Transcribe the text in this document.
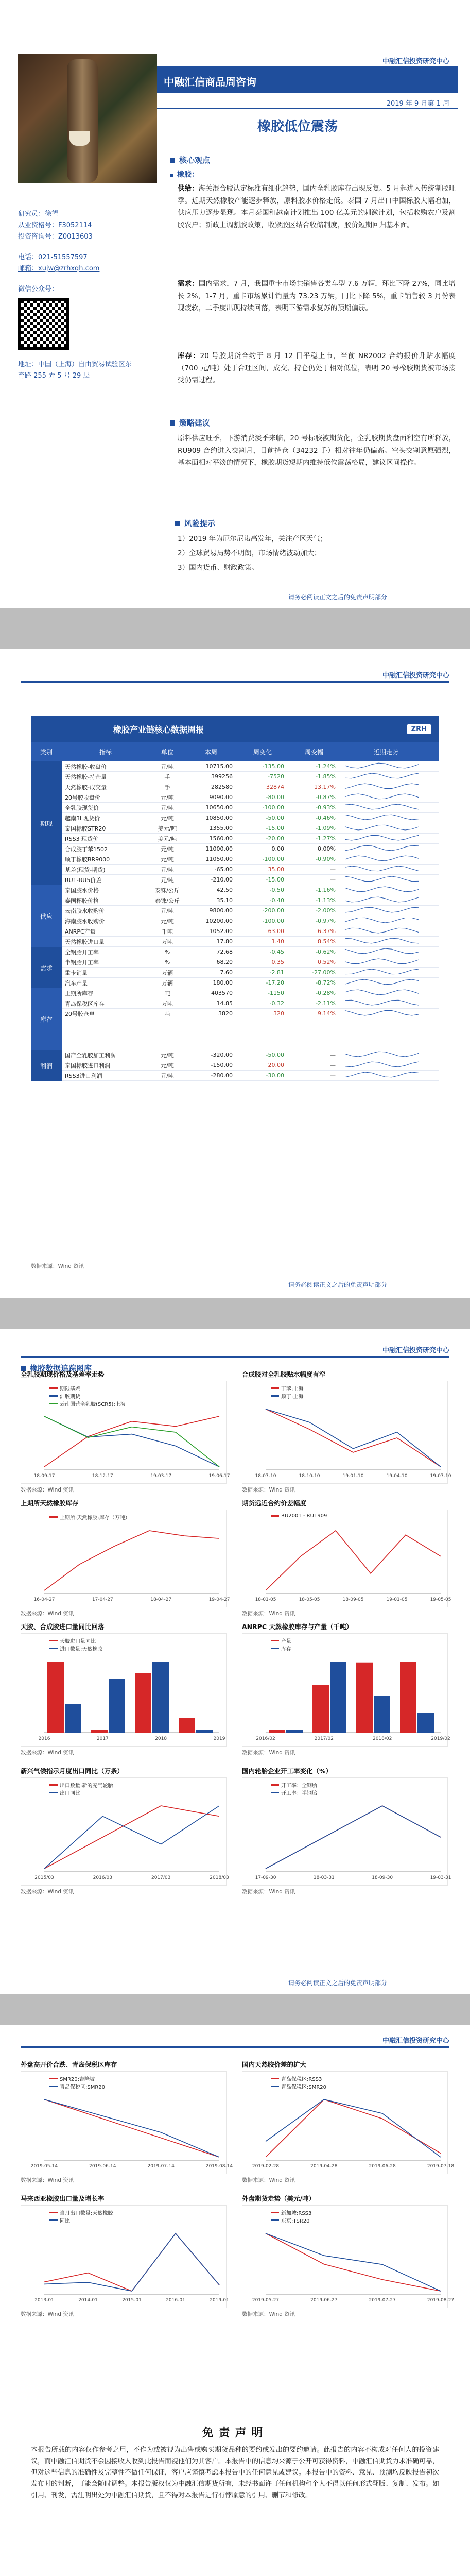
中融汇信投资研究中心
研究员：徐望
从业资格号：F3052114
投资咨询号：Z0013603
电话：021-51557597
邮箱：xujw@zrhxqh.com
微信公众号：
地址：中国（上海）自由贸易试验区东育路 255 弄 5 号 29 层
中融汇信商品周咨询
2019 年 9 月第 1 周
橡胶低位震荡
核心观点
橡胶：
供给：海关混合胶认定标准有细化趋势，国内全乳胶库存出现反复。5 月起进入传统割胶旺季。近期天然橡胶产能逐步释放，原料胶水价格走低。泰国 7 月出口中国标胶大幅增加，供应压力逐步显现。本月泰国和越南计划推出 100 亿美元的刺激计划，包括收购农户及割胶农户；新政上调割胶政策，收紧胶区结合收储制度，胶价短期回归基本面。
需求：国内需求，7 月，我国重卡市场共销售各类车型 7.6 万辆，环比下降 27%，同比增长 2%，1-7 月，重卡市场累计销量为 73.23 万辆，同比下降 5%，重卡销售较 3 月份表现疲软，二季度出现持续回落，表明下游需求复苏的预期偏弱。
库存：20 号胶期货合约于 8 月 12 日平稳上市，当前 NR2002 合约报价升贴水幅度（700 元/吨）处于合理区间，成交、持仓仍处于相对低位，表明 20 号橡胶期货被市场接受仍需过程。
策略建议
原料供应旺季，下游消费淡季来临，20 号标胶被期货化，全乳胶期货盘面利空有所释放，RU909 合约进入交割月，目前持仓（34232 手）相对往年仍偏高。空头交割意愿强烈，基本面相对平淡的情况下，橡胶期货短期内维持低位震荡格局，建议区间操作。
风险提示
1）2019 年为厄尔尼诺高发年，关注产区天气；
2）全球贸易局势不明朗，市场情绪波动加大；
3）国内货币、财政政策。
请务必阅读正文之后的免责声明部分
中融汇信投资研究中心
橡胶产业链核心数据周报	ZRH
类别	指标	单位	本周	周变化	周变幅	近期走势
期现
天然橡胶-收盘价	元/吨	10715.00	-135.00	-1.24%
天然橡胶-持仓量	手	399256	-7520	-1.85%
天然橡胶-成交量	手	282580	32874	13.17%
20号胶收盘价	元/吨	9090.00	-80.00	-0.87%
全乳胶现货价	元/吨	10650.00	-100.00	-0.93%
越南3L现货价	元/吨	10850.00	-50.00	-0.46%
泰国标胶STR20	美元/吨	1355.00	-15.00	-1.09%
RSS3 现货价	美元/吨	1560.00	-20.00	-1.27%
合成胶丁苯1502	元/吨	11000.00	0.00	0.00%
顺丁橡胶BR9000	元/吨	11050.00	-100.00	-0.90%
基差(现货-期货)	元/吨	-65.00	35.00	—
RU1-RU5价差	元/吨	-210.00	-15.00	—
供应
泰国胶水价格	泰铢/公斤	42.50	-0.50	-1.16%
泰国杯胶价格	泰铢/公斤	35.10	-0.40	-1.13%
云南胶水收购价	元/吨	9800.00	-200.00	-2.00%
海南胶水收购价	元/吨	10200.00	-100.00	-0.97%
ANRPC产量	千吨	1052.00	63.00	6.37%
天然橡胶进口量	万吨	17.80	1.40	8.54%
需求
全钢胎开工率	%	72.68	-0.45	-0.62%
半钢胎开工率	%	68.20	0.35	0.52%
重卡销量	万辆	7.60	-2.81	-27.00%
汽车产量	万辆	180.00	-17.20	-8.72%
库存
上期所库存	吨	403570	-1150	-0.28%
青岛保税区库存	万吨	14.85	-0.32	-2.11%
20号胶仓单	吨	3820	320	9.14%
利润
国产全乳胶加工利润	元/吨	-320.00	-50.00	—
泰国标胶进口利润	元/吨	-150.00	20.00	—
RSS3进口利润	元/吨	-280.00	-30.00	—
数据来源：Wind 资讯
请务必阅读正文之后的免责声明部分
中融汇信投资研究中心
橡胶数据追踪图库
全乳胶期现价格及基差率走势
期限基差
沪胶期货
云南国营全乳胶(SCR5):上海
18-09-17	18-12-17	19-03-17	19-06-17
数据来源：Wind 资讯
合成胶对全乳胶贴水幅度有窄
丁苯:上海
顺丁:上海
18-07-10	18-10-10	19-01-10	19-04-10	19-07-10
数据来源：Wind 资讯
上期所天然橡胶库存
上期所:天然橡胶:库存（万吨）
16-04-27	17-04-27	18-04-27	19-04-27
数据来源：Wind 资讯
期货远近合约价差幅度
RU2001 - RU1909
18-01-05	18-05-05	18-09-05	19-01-05	19-05-05
数据来源：Wind 资讯
天胶、合成胶进口量同比回落
天胶进口量同比
进口数量:天然橡胶
2016	2017	2018	2019
数据来源：Wind 资讯
ANRPC 天然橡胶库存与产量（千吨）
产量
库存
2016/02	2017/02	2018/02	2019/02
数据来源：Wind 资讯
新兴气候指示月度出口同比（万条）
出口数量:新的充气轮胎
出口同比
2015/03	2016/03	2017/03	2018/03
数据来源：Wind 资讯
国内轮胎企业开工率变化（%）
开工率：全钢胎
开工率：半钢胎
17-09-30	18-03-31	18-09-30	19-03-31
数据来源：Wind 资讯
请务必阅读正文之后的免责声明部分
中融汇信投资研究中心
外盘高开价合跌、青岛保税区库存
SMR20:吉隆坡
青岛保税区:SMR20
2019-05-14	2019-06-14	2019-07-14	2019-08-14
数据来源：Wind 资讯
国内天然胶价差的扩大
青岛保税区:RSS3
青岛保税区:SMR20
2019-02-28	2019-04-28	2019-06-28	2019-07-18
数据来源：Wind 资讯
马来西亚橡胶出口量及增长率
当月出口数量:天然橡胶
同比
2013-01	2014-01	2015-01	2016-01	2019-01
数据来源：Wind 资讯
外盘期货走势（美元/吨）
新加坡:RSS3
东京:TSR20
2019-05-27	2019-06-27	2019-07-27	2019-08-27
数据来源：Wind 资讯
免责声明
本报告所载的内容仅作参考之用，不作为或被视为出售或购买期货品种的要约或发出的要约邀请。此报告的内容不构成对任何人的投资建议，而中融汇信期货不会因接收人收到此报告而视他们为其客户。本报告中的信息均来源于公开可获得资料，中融汇信期货力求准确可靠，但对这些信息的准确性及完整性不做任何保证，客户应谨慎考虑本报告中的任何意见或建议。本报告中的资料、意见、预测均反映报告初次发布时的判断，可能会随时调整。本报告版权仅为中融汇信期货所有，未经书面许可任何机构和个人不得以任何形式翻版、复制、发布。如引用、刊发，需注明出处为中融汇信期货，且不得对本报告进行有悖原意的引用、删节和修改。
